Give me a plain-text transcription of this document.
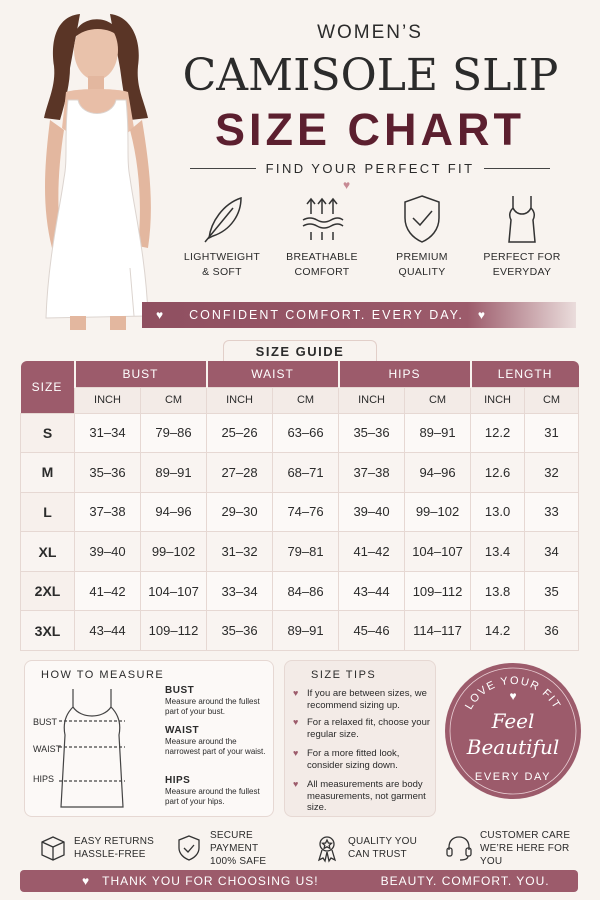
WOMEN’S
CAMISOLE SLIP
SIZE CHART
FIND YOUR PERFECT FIT
♥
LIGHTWEIGHT
& SOFT
BREATHABLE
COMFORT
PREMIUM
QUALITY
PERFECT FOR
EVERYDAY
♥ CONFIDENT COMFORT. EVERY DAY. ♥
SIZE GUIDE
SIZE	BUST		WAIST		HIPS		LENGTH	
	INCH	CM	INCH	CM	INCH	CM	INCH	CM
S	31–34	79–86	25–26	63–66	35–36	89–91	12.2	31
M	35–36	89–91	27–28	68–71	37–38	94–96	12.6	32
L	37–38	94–96	29–30	74–76	39–40	99–102	13.0	33
XL	39–40	99–102	31–32	79–81	41–42	104–107	13.4	34
2XL	41–42	104–107	33–34	84–86	43–44	109–112	13.8	35
3XL	43–44	109–112	35–36	89–91	45–46	114–117	14.2	36
HOW TO MEASURE
BUST
WAIST
HIPS
BUST
Measure around the fullest part of your bust.
WAIST
Measure around the narrowest part of your waist.
HIPS
Measure around the fullest part of your hips.
SIZE TIPS
♥ If you are between sizes, we recommend sizing up.
♥ For a relaxed fit, choose your regular size.
♥ For a more fitted look, consider sizing down.
♥ All measurements are body measurements, not garment size.
LOVE YOUR FIT
♥
Feel
Beautiful
EVERY DAY
EASY RETURNS
HASSLE-FREE
SECURE PAYMENT
100% SAFE
QUALITY YOU
CAN TRUST
CUSTOMER CARE
WE’RE HERE FOR YOU
♥ THANK YOU FOR CHOOSING US!	BEAUTY. COMFORT. YOU.
